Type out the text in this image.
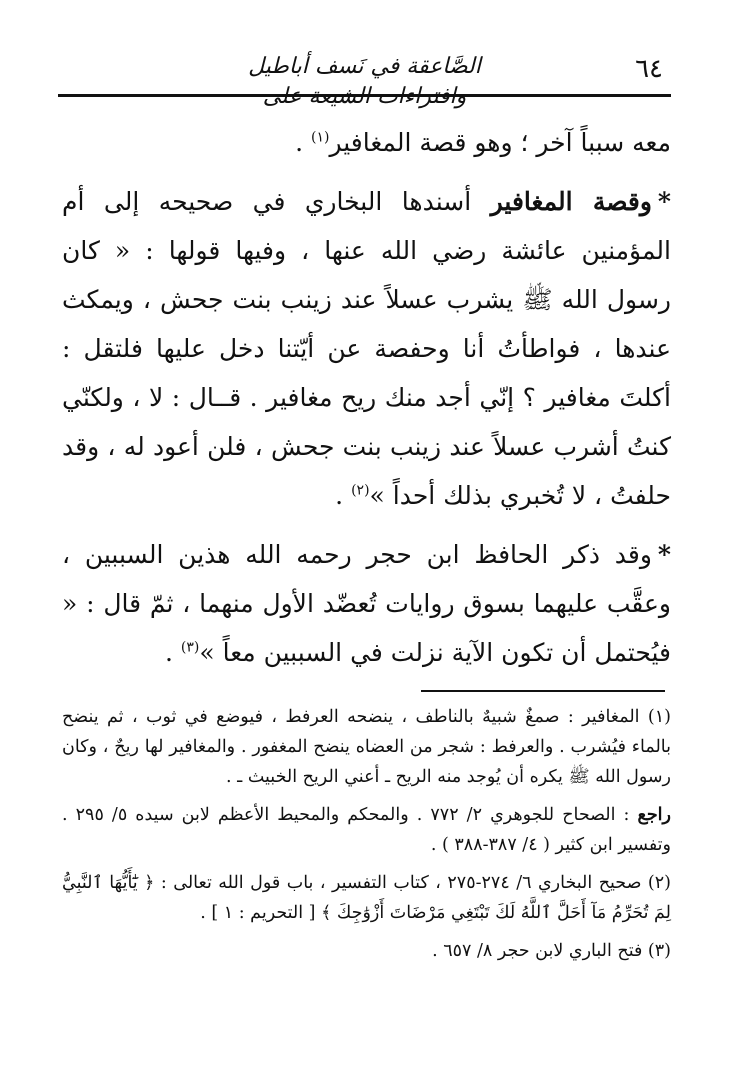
٦٤
الصَّاعقة في نَسف أباطيل وافتراءات الشيعة على

معه سبباً آخر ؛ وهو قصة المغافير$^{(١)}$ .

*وقصة المغافير أسندها البخاري في صحيحه إلى أم المؤمنين عائشة رضي الله عنها ، وفيها قولها : « كان رسول الله ﷺ يشرب عسلاً عند زينب بنت جحش ، ويمكث عندها ، فواطأتُ أنا وحفصة عن أيّتنا دخل عليها فلتقل : أكلتَ مغافير ؟ إنّي أجد منك ريح مغافير . قــال : لا ، ولكنّي كنتُ أشرب عسلاً عند زينب بنت جحش ، فلن أعود له ، وقد حلفتُ ، لا تُخبري بذلك أحداً »$^{(٢)}$ .

*وقد ذكر الحافظ ابن حجر رحمه الله هذين السببين ، وعقَّب عليهما بسوق روايات تُعضّد الأول منهما ، ثمّ قال : « فيُحتمل أن تكون الآية نزلت في السببين معاً »$^{(٣)}$ .

(١) المغافير : صمغٌ شبيهٌ بالناطف ، ينضحه العرفط ، فيوضع في ثوب ، ثم ينضح بالماء فيُشرب . والعرفط : شجر من العضاه ينضح المغفور . والمغافير لها ريحٌ ، وكان رسول الله ﷺ يكره أن يُوجد منه الريح ـ أعني الريح الخبيث ـ .

راجع : الصحاح للجوهري ٢/ ٧٧٢ . والمحكم والمحيط الأعظم لابن سيده ٥/ ٢٩٥ . وتفسير ابن كثير ( ٤/ ٣٨٧-٣٨٨ ) .

(٢) صحيح البخاري ٦/ ٢٧٤-٢٧٥ ، كتاب التفسير ، باب قول الله تعالى : ﴿ يَٰٓأَيُّهَا ٱلنَّبِيُّ لِمَ تُحَرِّمُ مَآ أَحَلَّ ٱللَّهُ لَكَ تَبْتَغِي مَرْضَاتَ أَزْوَٰجِكَ ﴾ [ التحريم : ١ ] .

(٣) فتح الباري لابن حجر ٨/ ٦٥٧ .
